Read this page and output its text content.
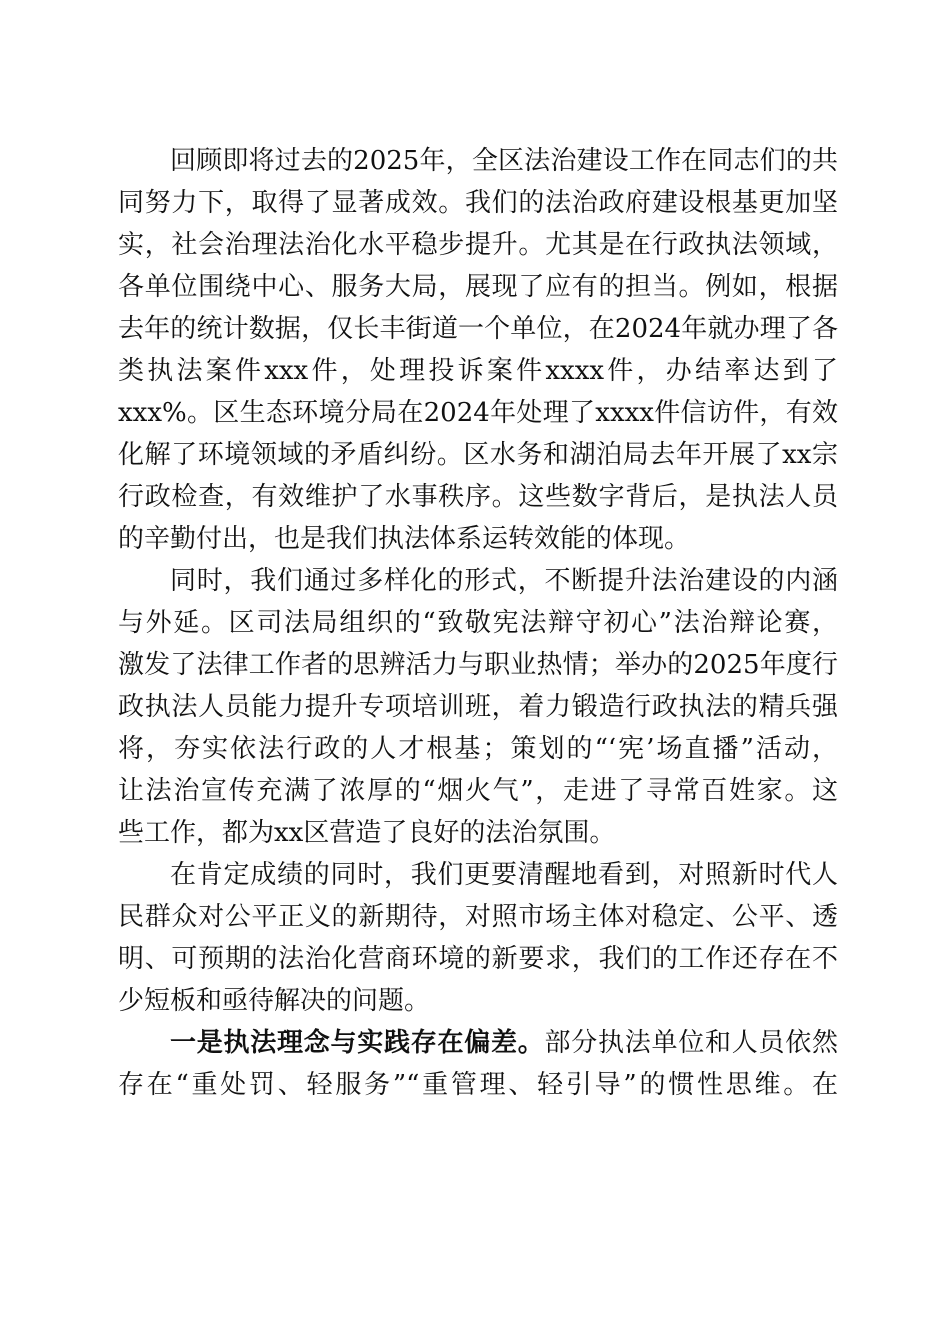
回顾即将过去的2025年，全区法治建设工作在同志们的共
同努力下，取得了显著成效。我们的法治政府建设根基更加坚
实，社会治理法治化水平稳步提升。尤其是在行政执法领域，
各单位围绕中心、服务大局，展现了应有的担当。例如，根据
去年的统计数据，仅长丰街道一个单位，在2024年就办理了各
类执法案件xxx件，处理投诉案件xxxx件，办结率达到了
xxx%。区生态环境分局在2024年处理了xxxx件信访件，有效
化解了环境领域的矛盾纠纷。区水务和湖泊局去年开展了xx宗
行政检查，有效维护了水事秩序。这些数字背后，是执法人员
的辛勤付出，也是我们执法体系运转效能的体现。
同时，我们通过多样化的形式，不断提升法治建设的内涵
与外延。区司法局组织的“致敬宪法辩守初心”法治辩论赛，
激发了法律工作者的思辨活力与职业热情；举办的2025年度行
政执法人员能力提升专项培训班，着力锻造行政执法的精兵强
将，夯实依法行政的人才根基；策划的“‘宪’场直播”活动，
让法治宣传充满了浓厚的“烟火气”，走进了寻常百姓家。这
些工作，都为xx区营造了良好的法治氛围。
在肯定成绩的同时，我们更要清醒地看到，对照新时代人
民群众对公平正义的新期待，对照市场主体对稳定、公平、透
明、可预期的法治化营商环境的新要求，我们的工作还存在不
少短板和亟待解决的问题。
一是执法理念与实践存在偏差。部分执法单位和人员依然
存在“重处罚、轻服务”“重管理、轻引导”的惯性思维。在
